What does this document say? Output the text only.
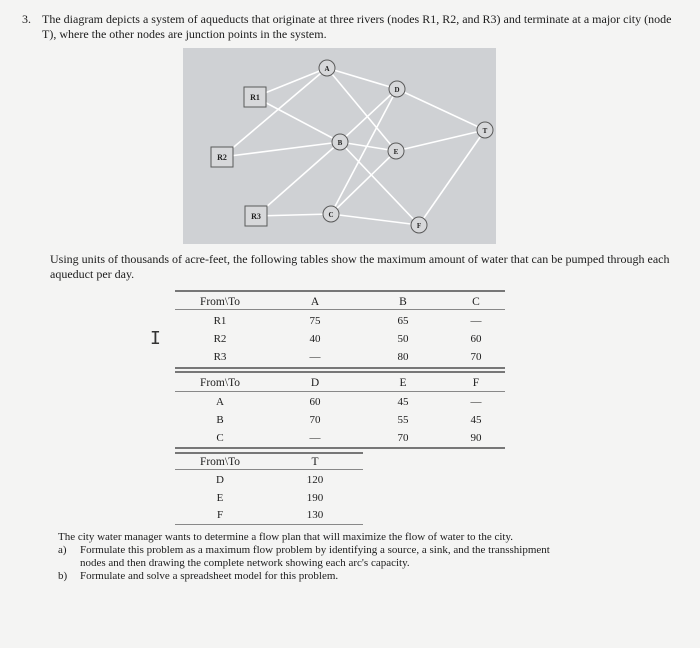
3. The diagram depicts a system of aqueducts that originate at three rivers (nodes R1, R2, and R3) and terminate at a major city (node T), where the other nodes are junction points in the system.
A
B
C
D
E
F
T
R1
R2
R3
Using units of thousands of acre-feet, the following tables show the maximum amount of water that can be pumped through each aqueduct per day.
I
From\To	A	B	C
R1	75	65	—
R2	40	50	60
R3	—	80	70
From\To	D	E	F
A	60	45	—
B	70	55	45
C	—	70	90
From\To	T
D	120
E	190
F	130
The city water manager wants to determine a flow plan that will maximize the flow of water to the city.
a) Formulate this problem as a maximum flow problem by identifying a source, a sink, and the transshipment
nodes and then drawing the complete network showing each arc's capacity.
b) Formulate and solve a spreadsheet model for this problem.
